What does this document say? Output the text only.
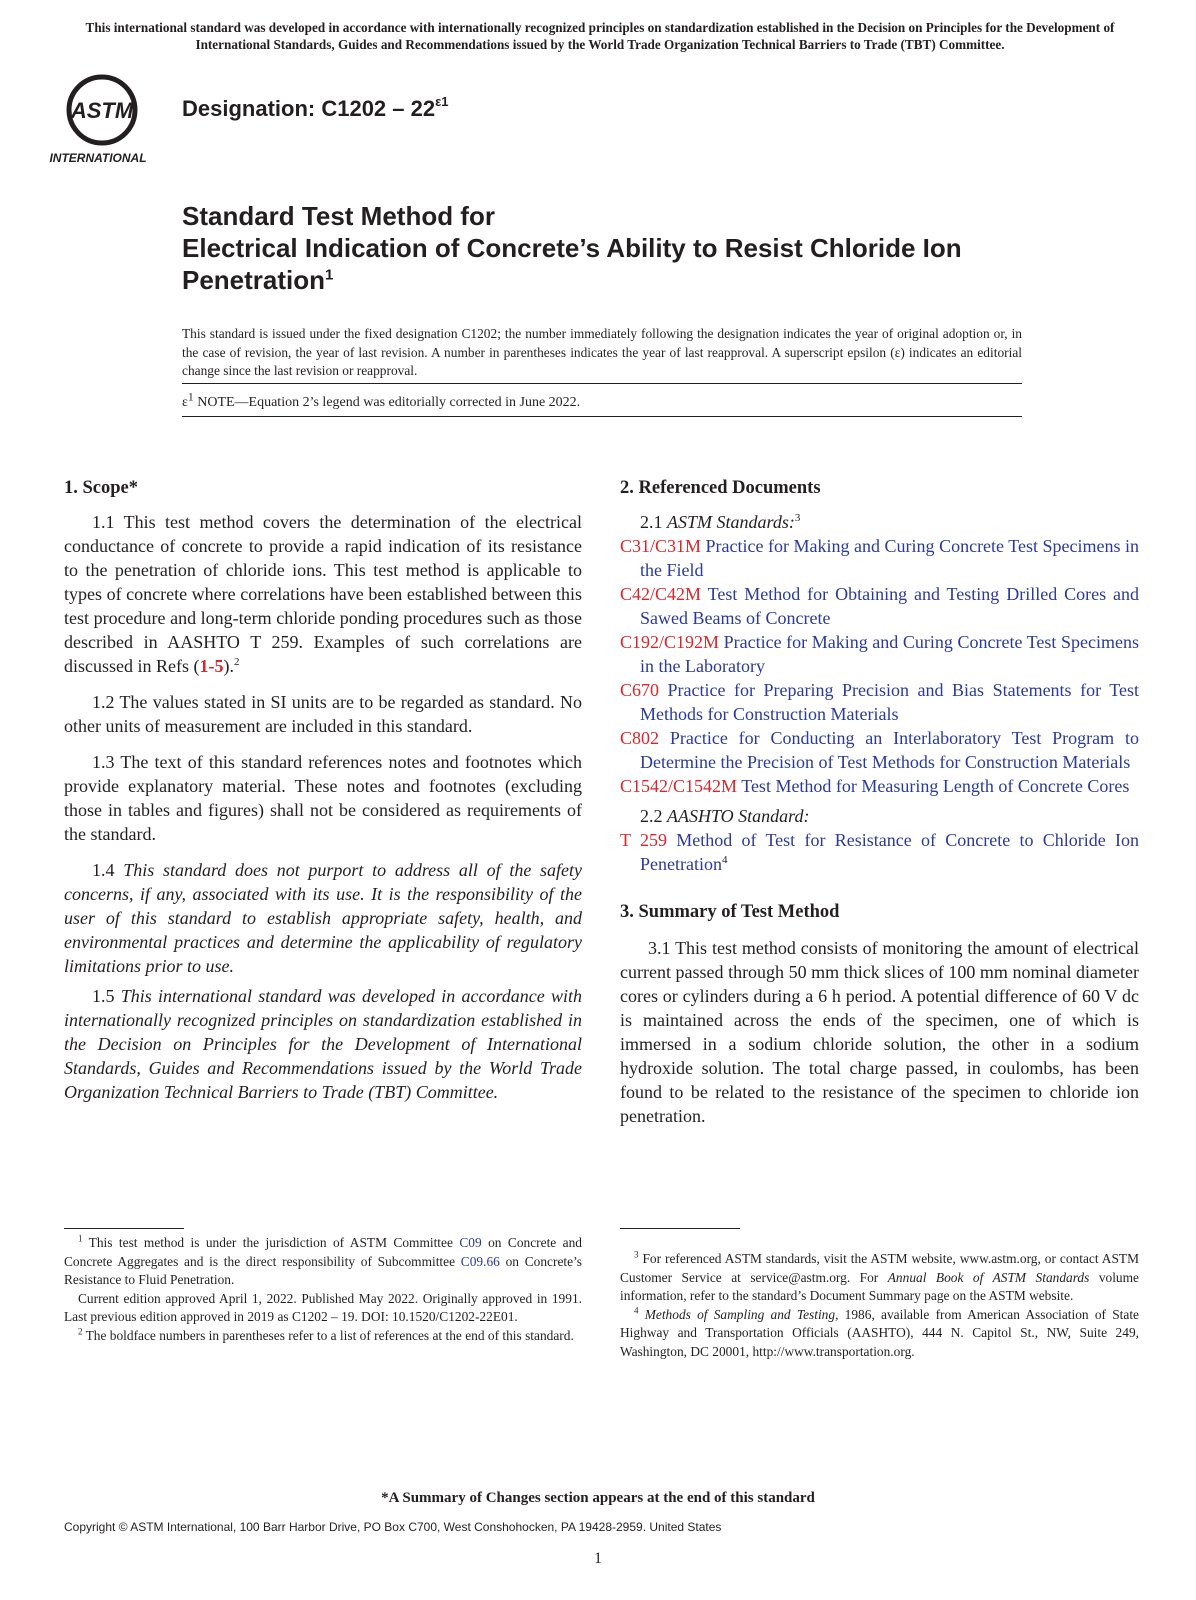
This international standard was developed in accordance with internationally recognized principles on standardization established in the Decision on Principles for the Development of International Standards, Guides and Recommendations issued by the World Trade Organization Technical Barriers to Trade (TBT) Committee.
ASTM
INTERNATIONAL
Designation: $C1202 - 22^{\varepsilon 1}$
Standard Test Method for
Electrical Indication of Concrete’s Ability to Resist Chloride Ion Penetration$^1$
This standard is issued under the fixed designation C1202; the number immediately following the designation indicates the year of original adoption or, in the case of revision, the year of last revision. A number in parentheses indicates the year of last reapproval. A superscript epsilon (ε) indicates an editorial change since the last revision or reapproval.
$\varepsilon^1$ NOTE—Equation 2’s legend was editorially corrected in June 2022.

1. Scope*

1.1 This test method covers the determination of the electrical conductance of concrete to provide a rapid indication of its resistance to the penetration of chloride ions. This test method is applicable to types of concrete where correlations have been established between this test procedure and long-term chloride ponding procedures such as those described in AASHTO T 259. Examples of such correlations are discussed in Refs (1-5).$^2$

1.2 The values stated in SI units are to be regarded as standard. No other units of measurement are included in this standard.

1.3 The text of this standard references notes and footnotes which provide explanatory material. These notes and footnotes (excluding those in tables and figures) shall not be considered as requirements of the standard.

1.4 This standard does not purport to address all of the safety concerns, if any, associated with its use. It is the responsibility of the user of this standard to establish appropriate safety, health, and environmental practices and determine the applicability of regulatory limitations prior to use.

1.5 This international standard was developed in accordance with internationally recognized principles on standardization established in the Decision on Principles for the Development of International Standards, Guides and Recommendations issued by the World Trade Organization Technical Barriers to Trade (TBT) Committee.

2. Referenced Documents

2.1 ASTM Standards:$^3$

C31/C31M Practice for Making and Curing Concrete Test Specimens in the Field

C42/C42M Test Method for Obtaining and Testing Drilled Cores and Sawed Beams of Concrete

C192/C192M Practice for Making and Curing Concrete Test Specimens in the Laboratory

C670 Practice for Preparing Precision and Bias Statements for Test Methods for Construction Materials

C802 Practice for Conducting an Interlaboratory Test Program to Determine the Precision of Test Methods for Construction Materials

C1542/C1542M Test Method for Measuring Length of Concrete Cores

2.2 AASHTO Standard:

T 259 Method of Test for Resistance of Concrete to Chloride Ion Penetration$^4$

3. Summary of Test Method

3.1 This test method consists of monitoring the amount of electrical current passed through 50 mm thick slices of 100 mm nominal diameter cores or cylinders during a 6 h period. A potential difference of 60 V dc is maintained across the ends of the specimen, one of which is immersed in a sodium chloride solution, the other in a sodium hydroxide solution. The total charge passed, in coulombs, has been found to be related to the resistance of the specimen to chloride ion penetration.

$^1$ This test method is under the jurisdiction of ASTM Committee C09 on Concrete and Concrete Aggregates and is the direct responsibility of Subcommittee C09.66 on Concrete’s Resistance to Fluid Penetration.

Current edition approved April 1, 2022. Published May 2022. Originally approved in 1991. Last previous edition approved in 2019 as C1202 – 19. DOI: 10.1520/C1202-22E01.

$^2$ The boldface numbers in parentheses refer to a list of references at the end of this standard.

$^3$ For referenced ASTM standards, visit the ASTM website, www.astm.org, or contact ASTM Customer Service at service@astm.org. For Annual Book of ASTM Standards volume information, refer to the standard’s Document Summary page on the ASTM website.

$^4$ Methods of Sampling and Testing, 1986, available from American Association of State Highway and Transportation Officials (AASHTO), 444 N. Capitol St., NW, Suite 249, Washington, DC 20001, http://www.transportation.org.

*A Summary of Changes section appears at the end of this standard
Copyright © ASTM International, 100 Barr Harbor Drive, PO Box C700, West Conshohocken, PA 19428-2959. United States
1
